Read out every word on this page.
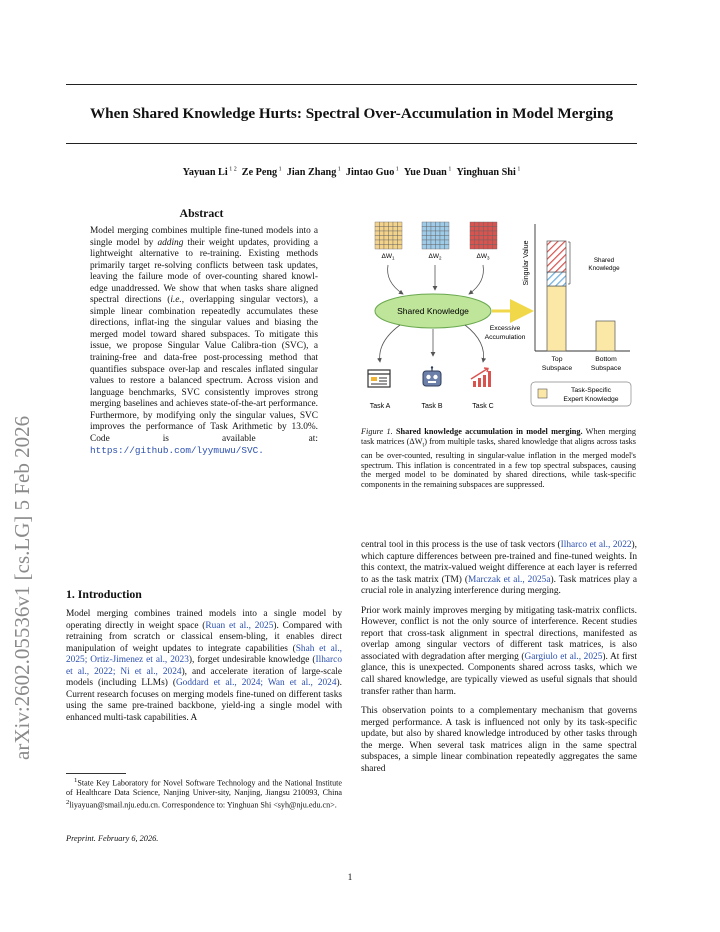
When Shared Knowledge Hurts: Spectral Over-Accumulation in Model Merging
Yayuan Li $^{1 2}$ Ze Peng $^1$ Jian Zhang $^1$ Jintao Guo $^1$ Yue Duan $^1$ Yinghuan Shi $^1$
arXiv:2602.05536v1 [cs.LG] 5 Feb 2026
Abstract
Model merging combines multiple fine-tuned models into a single model by adding their weight updates, providing a lightweight alternative to re-training. Existing methods primarily target re-solving conflicts between task updates, leaving the failure mode of over-counting shared knowl-edge unaddressed. We show that when tasks share aligned spectral directions (i.e., overlapping singular vectors), a simple linear combination repeatedly accumulates these directions, inflat-ing the singular values and biasing the merged model toward shared subspaces. To mitigate this issue, we propose Singular Value Calibra-tion (SVC), a training-free and data-free post-processing method that quantifies subspace over-lap and rescales inflated singular values to restore a balanced spectrum. Across vision and language benchmarks, SVC consistently improves strong merging baselines and achieves state-of-the-art performance. Furthermore, by modifying only the singular values, SVC improves the performance of Task Arithmetic by 13.0%. Code is available at: https://github.com/lyymuwu/SVC.
1. Introduction

Model merging combines trained models into a single model by operating directly in weight space (Ruan et al., 2025). Compared with retraining from scratch or classical ensem-bling, it enables direct manipulation of weight updates to integrate capabilities (Shah et al., 2025; Ortiz-Jimenez et al., 2023), forget undesirable knowledge (Ilharco et al., 2022; Ni et al., 2024), and accelerate iteration of large-scale models (including LLMs) (Goddard et al., 2024; Wan et al., 2024). Current research focuses on merging models fine-tuned on different tasks using the same pre-trained backbone, yield-ing a single model with enhanced multi-task capabilities. A

$^1$State Key Laboratory for Novel Software Technology and the National Institute of Healthcare Data Science, Nanjing Univer-sity, Nanjing, Jiangsu 210093, China $^2$liyayuan@smail.nju.edu.cn. Correspondence to: Yinghuan Shi <syh@nju.edu.cn>.
Preprint. February 6, 2026.

central tool in this process is the use of task vectors (Ilharco et al., 2022), which capture differences between pre-trained and fine-tuned weights. In this context, the matrix-valued weight difference at each layer is referred to as the task matrix (TM) (Marczak et al., 2025a). Task matrices play a crucial role in analyzing interference during merging.

Prior work mainly improves merging by mitigating task-matrix conflicts. However, conflict is not the only source of interference. Recent studies report that cross-task alignment in spectral directions, manifested as overlap among singular vectors of different task matrices, is also associated with degradation after merging (Gargiulo et al., 2025). At first glance, this is unexpected. Components shared across tasks, which we call shared knowledge, are typically viewed as useful signals that should transfer rather than harm.

This observation points to a complementary mechanism that governs merged performance. A task is influenced not only by its task-specific update, but also by shared knowledge introduced by other tasks through the merge. When several task matrices align in the same spectral subspaces, a simple linear combination repeatedly aggregates the same shared

$\Delta W_1$	$\Delta W_2$	$\Delta W_3$
Shared Knowledge
Excessive
Accumulation
Task A	Task B	Task C
Singular Value	Shared
Knowledge
Top
Subspace
Bottom
Subspace
Task-Specific
Expert Knowledge
Figure 1. Shared knowledge accumulation in model merging. When merging task matrices $(\Delta W_t)$ from multiple tasks, shared knowledge that aligns across tasks can be over-counted, resulting in singular-value inflation in the merged model's spectrum. This inflation is concentrated in a few top spectral subspaces, causing the merged model to be dominated by shared directions, while task-specific components in the remaining subspaces are suppressed.
1
